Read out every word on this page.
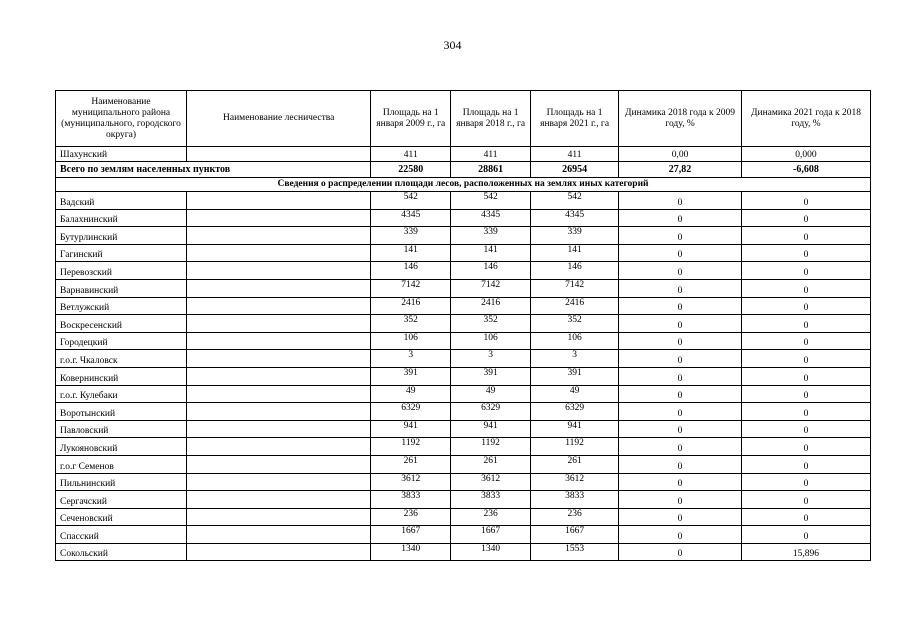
304
Наименование муниципального района (муниципального, городского округа)	Наименование лесничества	Площадь на 1 января 2009 г., га	Площадь на 1 января 2018 г., га	Площадь на 1 января 2021 г., га	Динамика 2018 года к 2009 году, %	Динамика 2021 года к 2018 году, %
Шахунский		411	411	411	0,00	0,000
Всего по землям населенных пунктов		22580	28861	26954	27,82	-6,608
Сведения о распределении площади лесов, расположенных на землях иных категорий						
Вадский		542	542	542	0	0
Балахнинский		4345	4345	4345	0	0
Бутурлинский		339	339	339	0	0
Гагинский		141	141	141	0	0
Перевозский		146	146	146	0	0
Варнавинский		7142	7142	7142	0	0
Ветлужский		2416	2416	2416	0	0
Воскресенский		352	352	352	0	0
Городецкий		106	106	106	0	0
г.о.г. Чкаловск		3	3	3	0	0
Ковернинский		391	391	391	0	0
г.о.г. Кулебаки		49	49	49	0	0
Воротынский		6329	6329	6329	0	0
Павловский		941	941	941	0	0
Лукояновский		1192	1192	1192	0	0
г.о.г Семенов		261	261	261	0	0
Пильнинский		3612	3612	3612	0	0
Сергачский		3833	3833	3833	0	0
Сеченовский		236	236	236	0	0
Спасский		1667	1667	1667	0	0
Сокольский		1340	1340	1553	0	15,896
